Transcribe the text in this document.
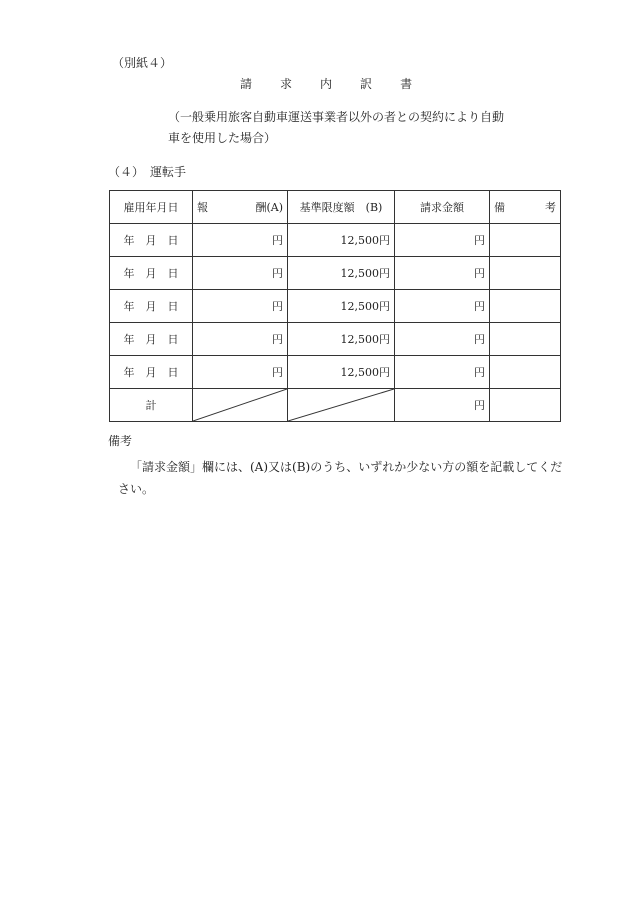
（別紙４）
請 求 内 訳 書
（一般乗用旅客自動車運送事業者以外の者との契約により自動
車を使用した場合）
（４）　運転手
雇用年月日	報 酬(A)	基準限度額　(B)	請求金額	備 考

年　月　日	円	12,500円	円	
年　月　日	円	12,500円	円	
年　月　日	円	12,500円	円	
年　月　日	円	12,500円	円	
年　月　日	円	12,500円	円	
計			円	
備考
「請求金額」欄には、(A)又は(B)のうち、いずれか少ない方の額を記載してくだ
さい。
